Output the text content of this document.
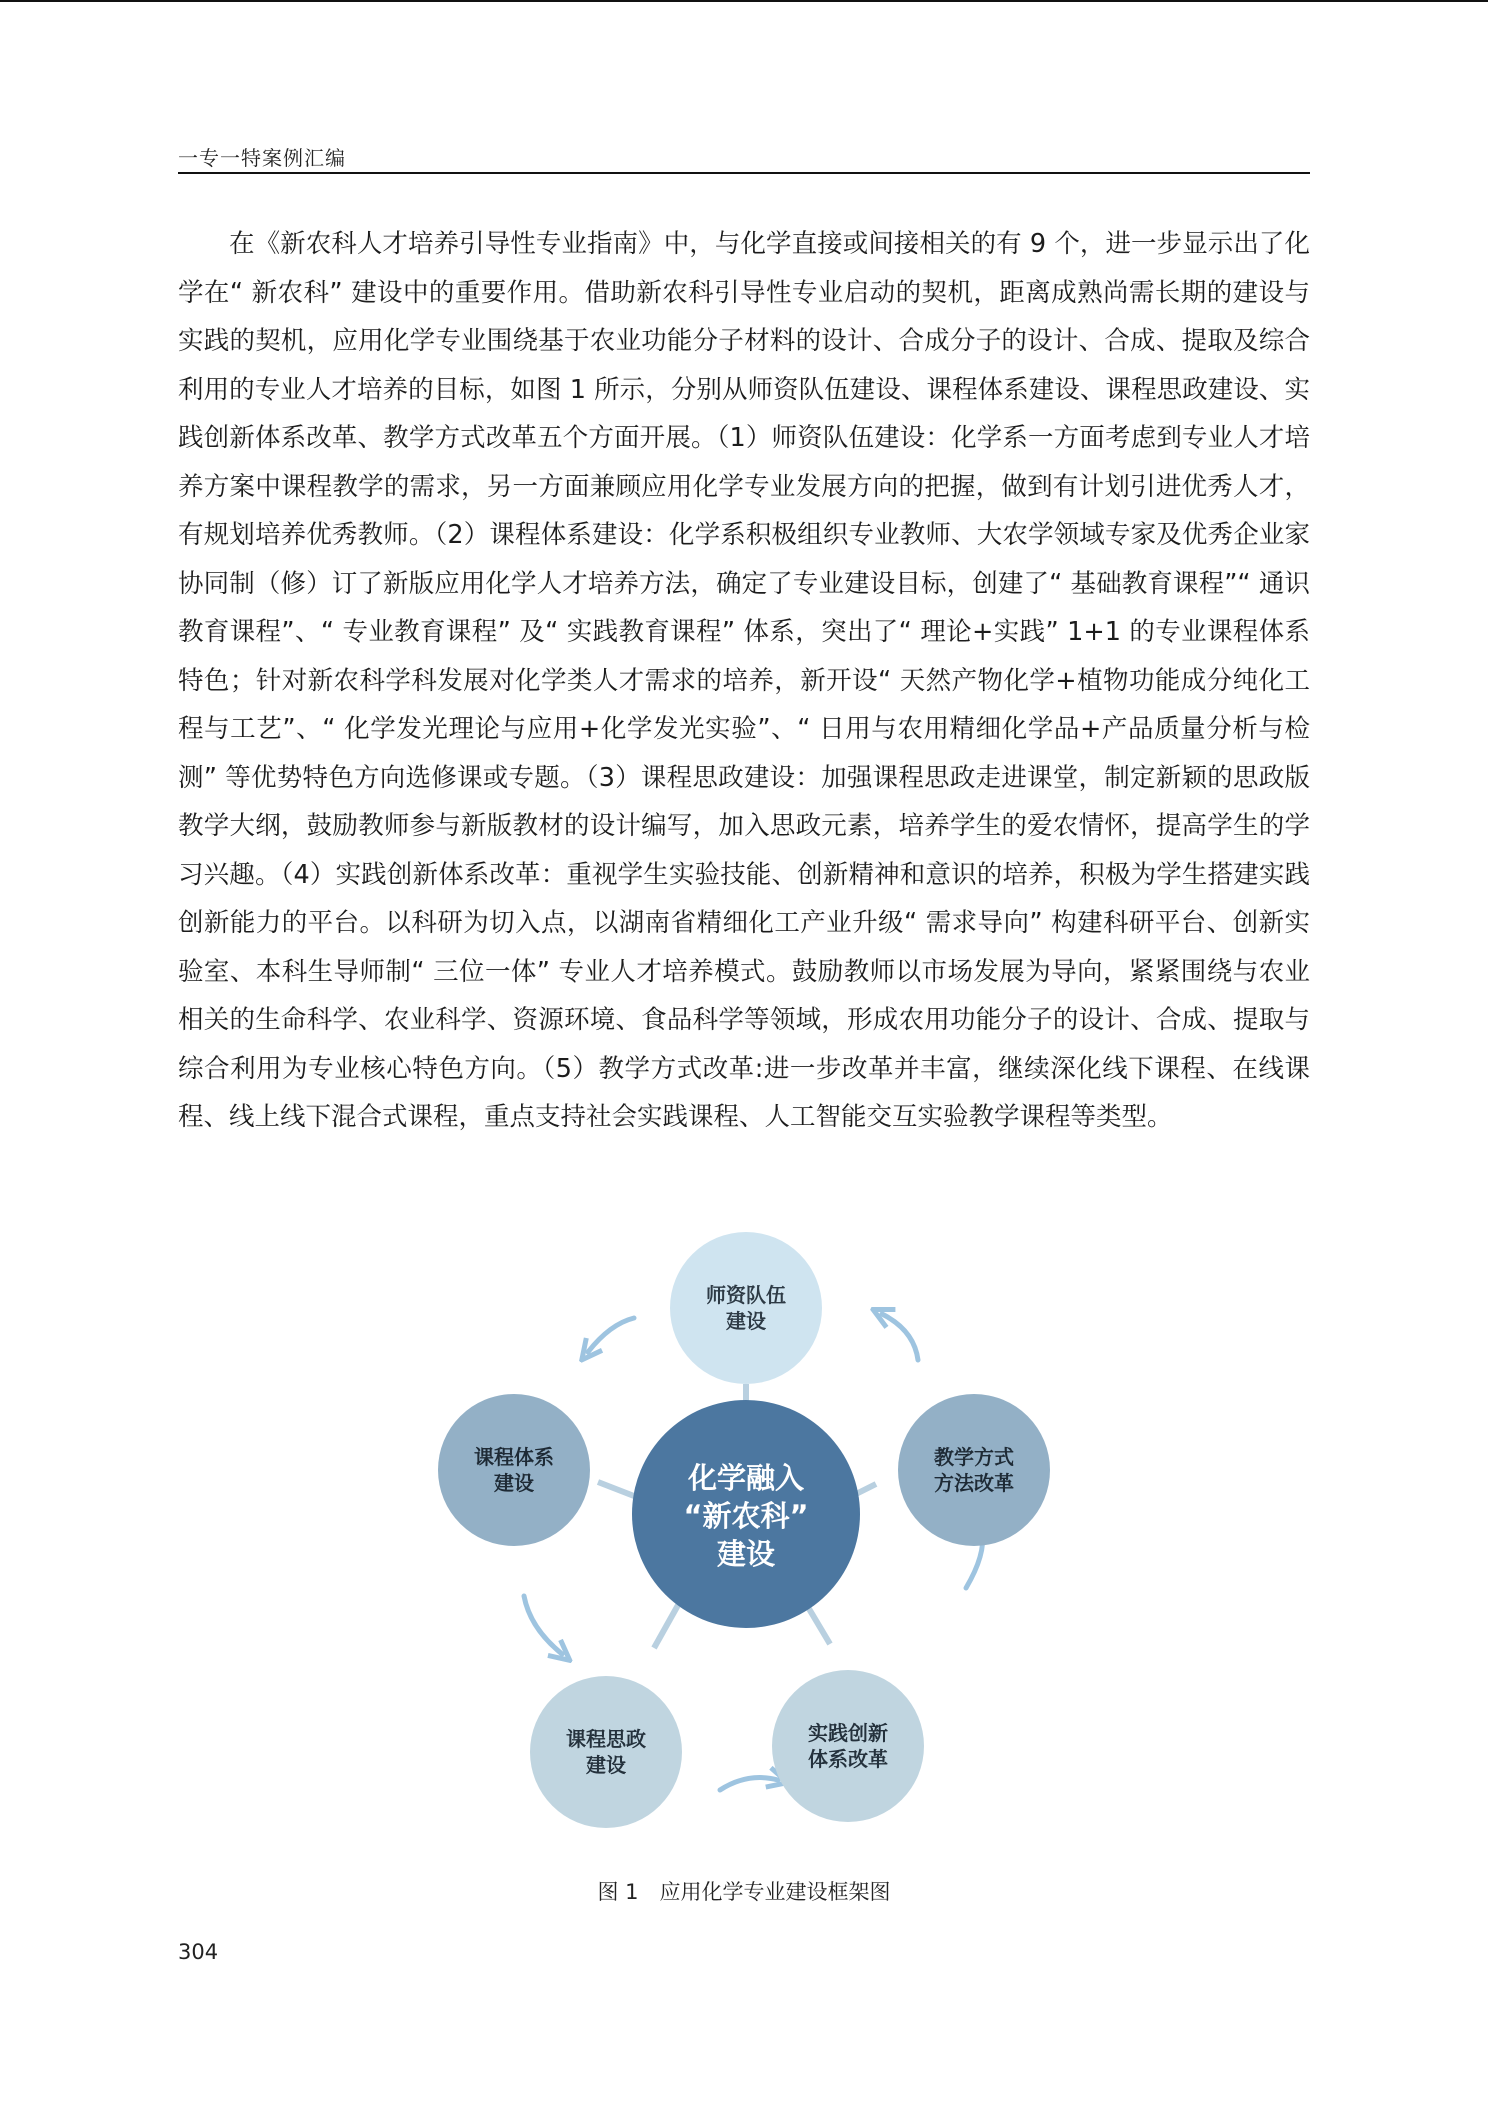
一专一特案例汇编

在《新农科人才培养引导性专业指南》中，与化学直接或间接相关的有 9 个，进一步显示出了化学在“ 新农科” 建设中的重要作用。借助新农科引导性专业启动的契机，距离成熟尚需长期的建设与实践的契机，应用化学专业围绕基于农业功能分子材料的设计、合成分子的设计、合成、提取及综合利用的专业人才培养的目标，如图 1 所示，分别从师资队伍建设、课程体系建设、课程思政建设、实践创新体系改革、教学方式改革五个方面开展。（1）师资队伍建设：化学系一方面考虑到专业人才培养方案中课程教学的需求，另一方面兼顾应用化学专业发展方向的把握，做到有计划引进优秀人才，有规划培养优秀教师。（2）课程体系建设：化学系积极组织专业教师、大农学领域专家及优秀企业家协同制（修）订了新版应用化学人才培养方法，确定了专业建设目标，创建了“ 基础教育课程”“ 通识教育课程”、“ 专业教育课程” 及“ 实践教育课程” 体系，突出了“ 理论+实践” 1+1 的专业课程体系特色；针对新农科学科发展对化学类人才需求的培养，新开设“ 天然产物化学+植物功能成分纯化工程与工艺”、“ 化学发光理论与应用+化学发光实验”、“ 日用与农用精细化学品+产品质量分析与检测” 等优势特色方向选修课或专题。（3）课程思政建设：加强课程思政走进课堂，制定新颖的思政版教学大纲，鼓励教师参与新版教材的设计编写，加入思政元素，培养学生的爱农情怀，提高学生的学习兴趣。（4）实践创新体系改革：重视学生实验技能、创新精神和意识的培养，积极为学生搭建实践创新能力的平台。以科研为切入点，以湖南省精细化工产业升级“ 需求导向” 构建科研平台、创新实验室、本科生导师制“ 三位一体” 专业人才培养模式。鼓励教师以市场发展为导向，紧紧围绕与农业相关的生命科学、农业科学、资源环境、食品科学等领域，形成农用功能分子的设计、合成、提取与综合利用为专业核心特色方向。（5）教学方式改革:进一步改革并丰富，继续深化线下课程、在线课程、线上线下混合式课程，重点支持社会实践课程、人工智能交互实验教学课程等类型。

师资队伍
建设
教学方式
方法改革
实践创新
体系改革
课程思政
建设
课程体系
建设	化学融入
“新农科”
建设
图 1　应用化学专业建设框架图
304
